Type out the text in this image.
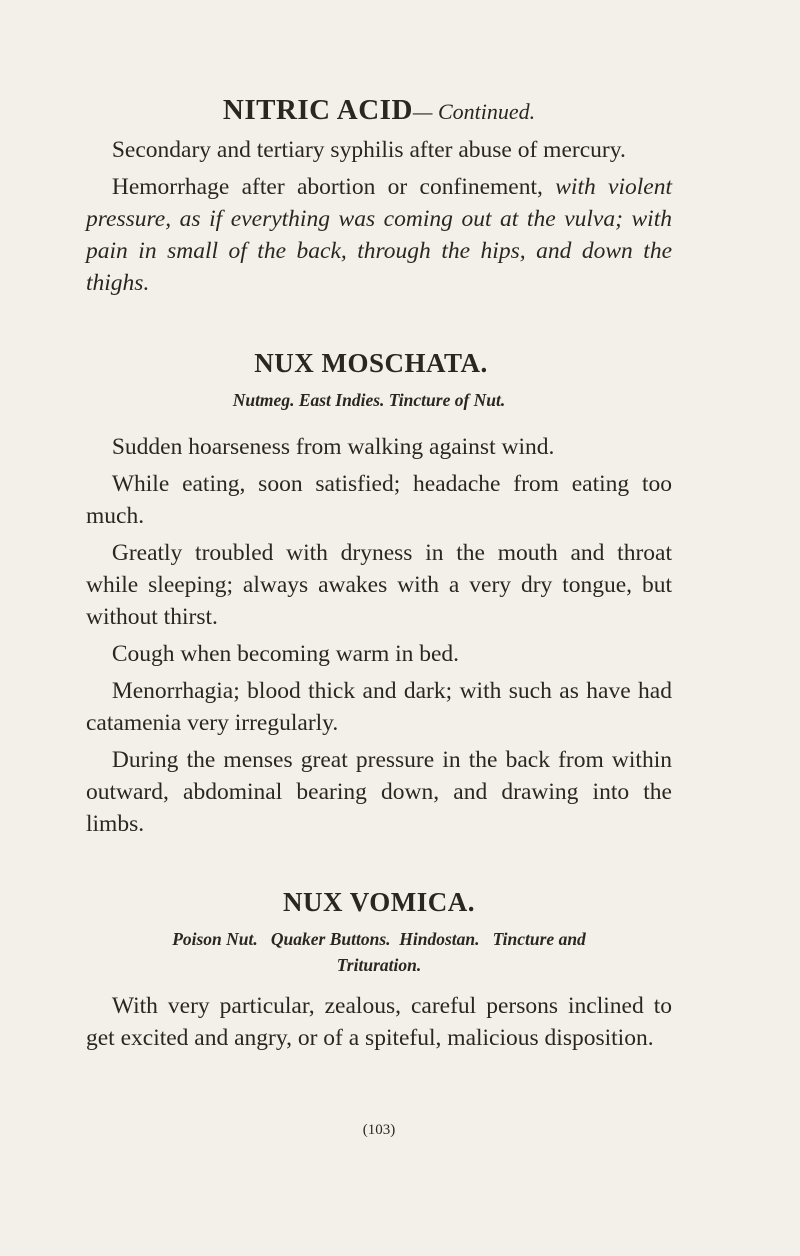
NITRIC ACID— Continued.

Secondary and tertiary syphilis after abuse of mercury.

Hemorrhage after abortion or confinement, with violent pressure, as if everything was coming out at the vulva; with pain in small of the back, through the hips, and down the thighs.

NUX MOSCHATA.

Nutmeg. East Indies. Tincture of Nut.

Sudden hoarseness from walking against wind.

While eating, soon satisfied; headache from eating too much.

Greatly troubled with dryness in the mouth and throat while sleeping; always awakes with a very dry tongue, but without thirst.

Cough when becoming warm in bed.

Menorrhagia; blood thick and dark; with such as have had catamenia very irregularly.

During the menses great pressure in the back from within outward, abdominal bearing down, and drawing into the limbs.

NUX VOMICA.

Poison Nut.   Quaker Buttons.  Hindostan.   Tincture and

Trituration.

With very particular, zealous, careful persons inclined to get excited and angry, or of a spiteful, malicious disposition.

(103)
